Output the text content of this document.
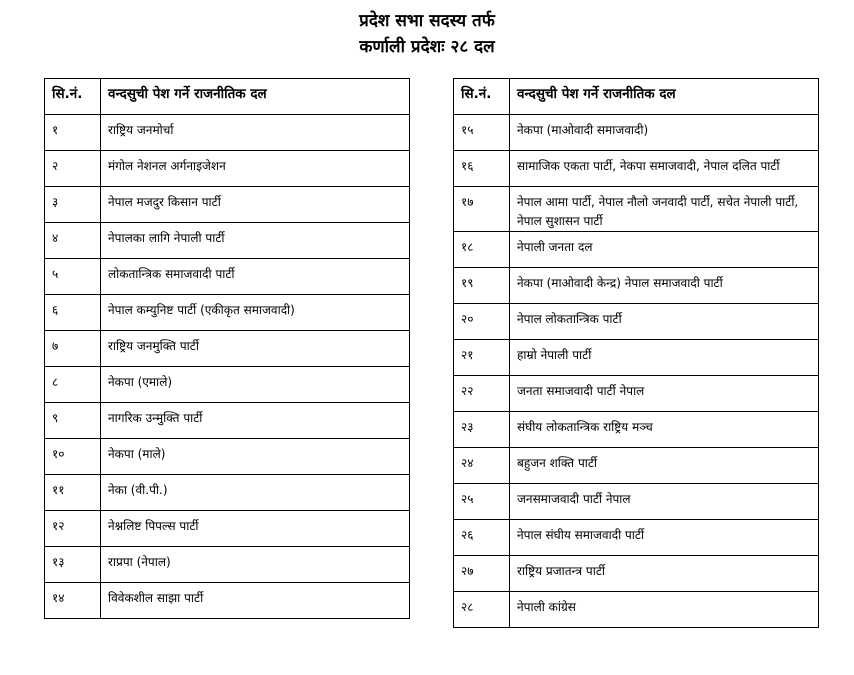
प्रदेश सभा सदस्य तर्फ
कर्णाली प्रदेशः २८ दल
सि.नं.	वन्दसुची पेश गर्ने राजनीतिक दल
१	राष्ट्रिय जनमोर्चा
२	मंगोल नेशनल अर्गनाइजेशन
३	नेपाल मजदुर किसान पार्टी
४	नेपालका लागि नेपाली पार्टी
५	लोकतान्त्रिक समाजवादी पार्टी
६	नेपाल कम्युनिष्ट पार्टी (एकीकृत समाजवादी)
७	राष्ट्रिय जनमुक्ति पार्टी
८	नेकपा (एमाले)
९	नागरिक उन्मुक्ति पार्टी
१०	नेकपा (माले)
११	नेका (वी.पी.)
१२	नेश्नलिष्ट पिपल्स पार्टी
१३	राप्रपा (नेपाल)
१४	विवेकशील साझा पार्टी
सि.नं.	वन्दसुची पेश गर्ने राजनीतिक दल
१५	नेकपा (माओवादी समाजवादी)
१६	सामाजिक एकता पार्टी, नेकपा समाजवादी, नेपाल दलित पार्टी
१७	नेपाल आमा पार्टी, नेपाल नौलो जनवादी पार्टी, सचेत नेपाली पार्टी, नेपाल सुशासन पार्टी
१८	नेपाली जनता दल
१९	नेकपा (माओवादी केन्द्र) नेपाल समाजवादी पार्टी
२०	नेपाल लोकतान्त्रिक पार्टी
२१	हाम्रो नेपाली पार्टी
२२	जनता समाजवादी पार्टी नेपाल
२३	संघीय लोकतान्त्रिक राष्ट्रिय मञ्च
२४	बहुजन शक्ति पार्टी
२५	जनसमाजवादी पार्टी नेपाल
२६	नेपाल संघीय समाजवादी पार्टी
२७	राष्ट्रिय प्रजातन्त्र पार्टी
२८	नेपाली कांग्रेस
